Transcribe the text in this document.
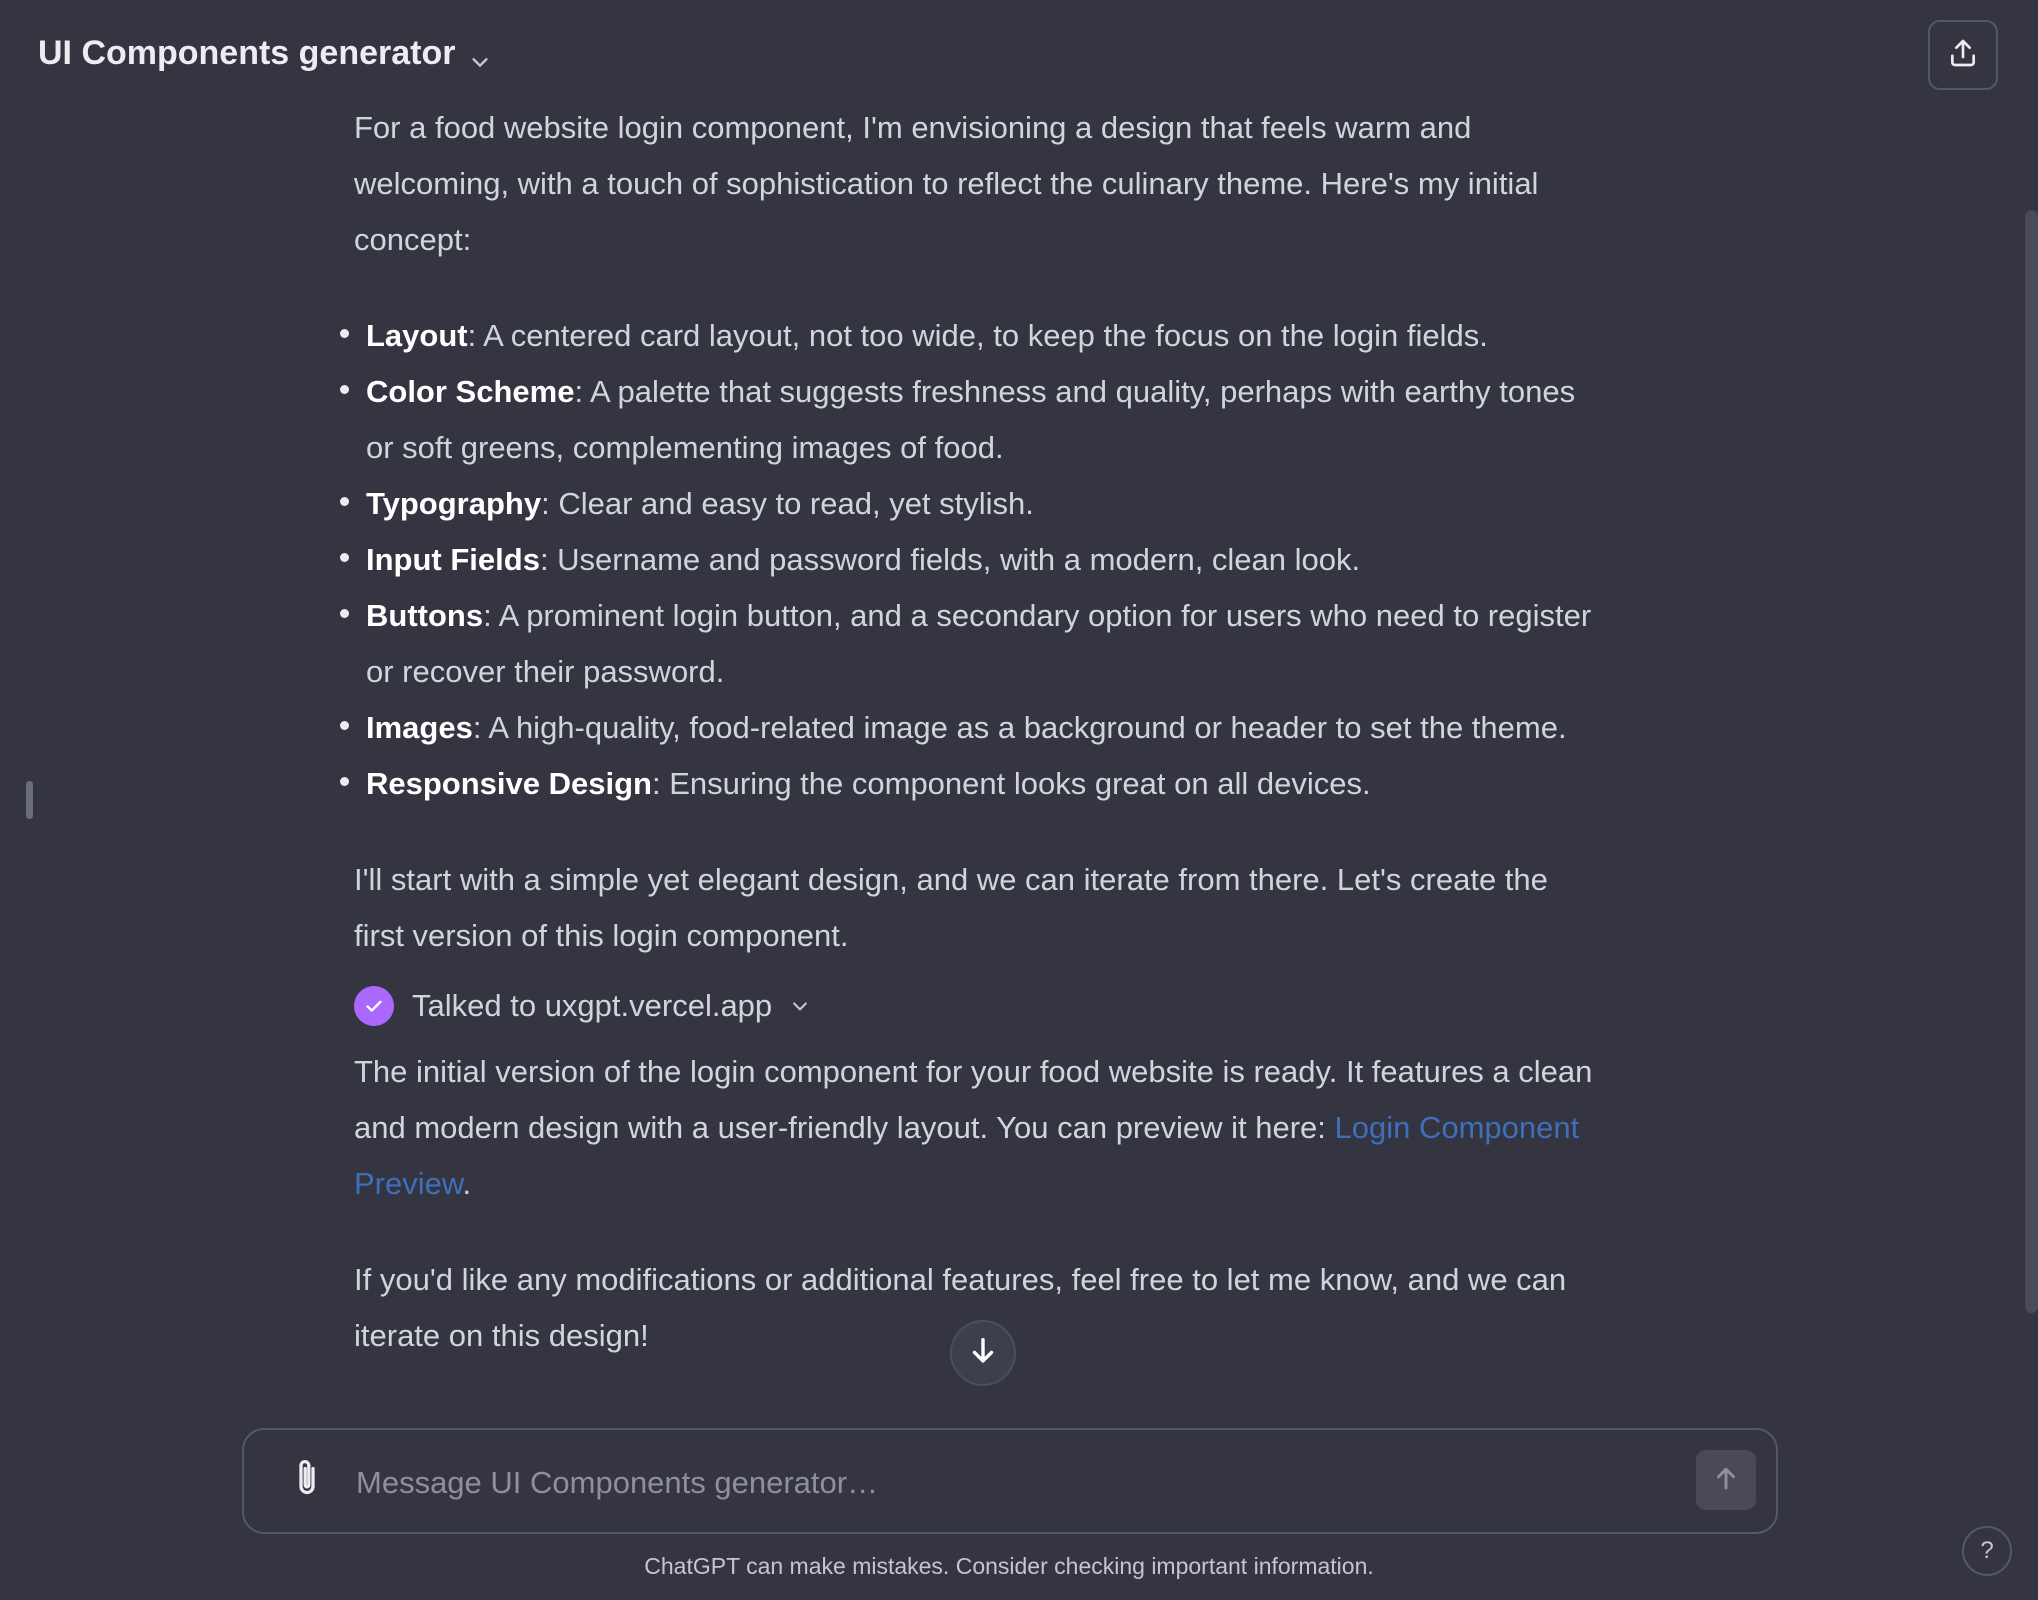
UI Components generator

For a food website login component, I'm envisioning a design that feels warm and welcoming, with a touch of sophistication to reflect the culinary theme. Here's my initial concept:

Layout: A centered card layout, not too wide, to keep the focus on the login fields.
Color Scheme: A palette that suggests freshness and quality, perhaps with earthy tones or soft greens, complementing images of food.
Typography: Clear and easy to read, yet stylish.
Input Fields: Username and password fields, with a modern, clean look.
Buttons: A prominent login button, and a secondary option for users who need to register or recover their password.
Images: A high-quality, food-related image as a background or header to set the theme.
Responsive Design: Ensuring the component looks great on all devices.

I'll start with a simple yet elegant design, and we can iterate from there. Let's create the first version of this login component.

Talked to uxgpt.vercel.app

The initial version of the login component for your food website is ready. It features a clean and modern design with a user-friendly layout. You can preview it here: Login Component Preview.

If you'd like any modifications or additional features, feel free to let me know, and we can iterate on this design!

Message UI Components generator…
ChatGPT can make mistakes. Consider checking important information.
?
